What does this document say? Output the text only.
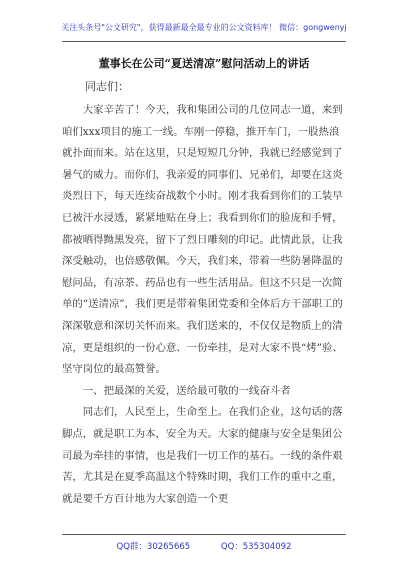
关注头条号"公文研究"，获得最新最全最专业的公文资料库！ 微信：gongwenyj
董事长在公司“夏送清凉”慰问活动上的讲话
同志们：

大家辛苦了！今天，我和集团公司的几位同志一道，来到咱们xxx项目的施工一线。车刚一停稳，推开车门，一股热浪就扑面而来。站在这里，只是短短几分钟，我就已经感觉到了暑气的威力。而你们，我亲爱的同事们、兄弟们，却要在这炎炎烈日下，每天连续奋战数个小时。刚才我看到你们的工装早已被汗水浸透，紧紧地贴在身上；我看到你们的脸庞和手臂，都被晒得黝黑发亮，留下了烈日雕刻的印记。此情此景，让我深受触动，也倍感敬佩。今天，我们来，带着一些防暑降温的慰问品，有凉茶、药品也有一些生活用品。但这不只是一次简单的“送清凉”，我们更是带着集团党委和全体后方干部职工的深深敬意和深切关怀而来。我们送来的，不仅仅是物质上的清凉，更是组织的一份心意、一份牵挂，是对大家不畏“烤”验、坚守岗位的最高赞誉。

一、把最深的关爱，送给最可敬的一线奋斗者

同志们，人民至上，生命至上。在我们企业，这句话的落脚点，就是职工为本，安全为天。大家的健康与安全是集团公司最为牵挂的事情，也是我们一切工作的基石。一线的条件艰苦，尤其是在夏季高温这个特殊时期，我们工作的重中之重，就是要千方百计地为大家创造一个更

QQ群：30265665	QQ：535304092
